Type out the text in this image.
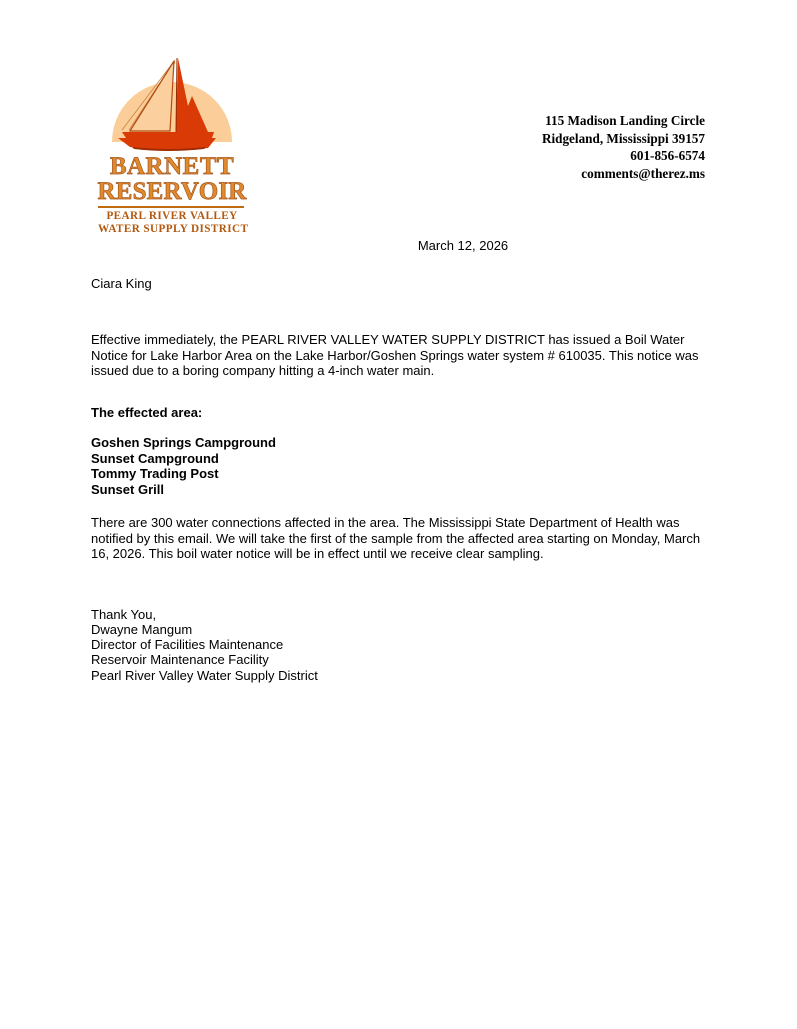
BARNETT
RESERVOIR
PEARL RIVER VALLEY
WATER SUPPLY DISTRICT
115 Madison Landing Circle
Ridgeland, Mississippi 39157
601-856-6574
comments@therez.ms
March 12, 2026
Ciara King

Effective immediately, the PEARL RIVER VALLEY WATER SUPPLY DISTRICT has issued a Boil Water Notice for Lake Harbor Area on the Lake Harbor/Goshen Springs water system # 610035. This notice was issued due to a boring company hitting a 4-inch water main.

The effected area:
Goshen Springs Campground
Sunset Campground
Tommy Trading Post
Sunset Grill

There are 300 water connections affected in the area. The Mississippi State Department of Health was notified by this email. We will take the first of the sample from the affected area starting on Monday, March 16, 2026. This boil water notice will be in effect until we receive clear sampling.

Thank You,
Dwayne Mangum
Director of Facilities Maintenance
Reservoir Maintenance Facility
Pearl River Valley Water Supply District
